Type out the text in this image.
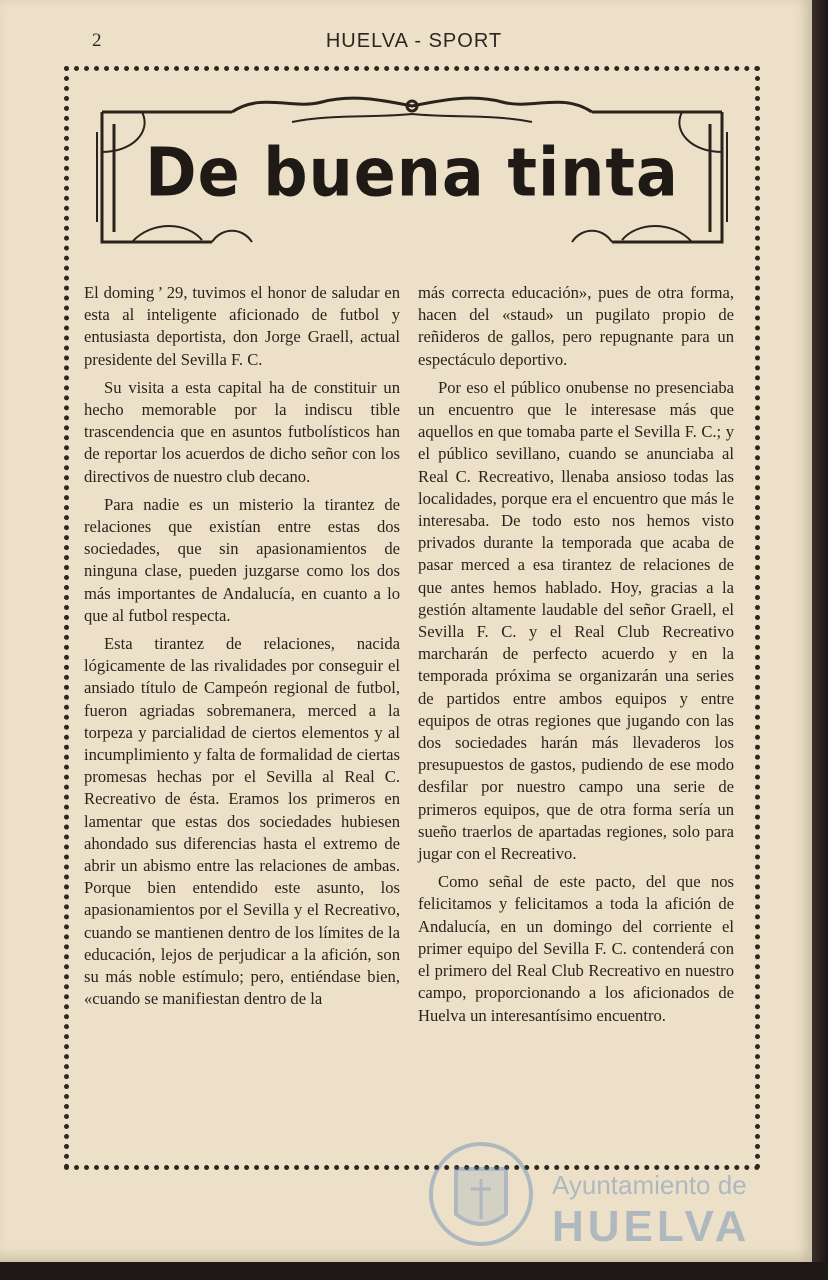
2	HUELVA - SPORT
De buena tinta

El doming ’ 29, tuvimos el honor de saludar en esta al inteligente aficionado de futbol y entusiasta deportista, don Jorge Graell, actual presidente del Sevilla F. C.

Su visita a esta capital ha de constituir un hecho memorable por la indiscu tible trascendencia que en asuntos futbolísticos han de reportar los acuerdos de dicho señor con los directivos de nuestro club decano.

Para nadie es un misterio la tirantez de relaciones que existían entre estas dos sociedades, que sin apasionamientos de ninguna clase, pueden juzgarse como los dos más importantes de Andalucía, en cuanto a lo que al futbol respecta.

Esta tirantez de relaciones, nacida lógicamente de las rivalidades por conseguir el ansiado título de Campeón regional de futbol, fueron agriadas sobremanera, merced a la torpeza y parcialidad de ciertos elementos y al incumplimiento y falta de formalidad de ciertas promesas hechas por el Sevilla al Real C. Recreativo de ésta. Eramos los primeros en lamentar que estas dos sociedades hubiesen ahondado sus diferencias hasta el extremo de abrir un abismo entre las relaciones de ambas. Porque bien entendido este asunto, los apasionamientos por el Sevilla y el Recreativo, cuando se mantienen dentro de los límites de la educación, lejos de perjudicar a la afición, son su más noble estímulo; pero, entiéndase bien, «cuando se manifiestan dentro de la

más correcta educación», pues de otra forma, hacen del «staud» un pugilato propio de reñideros de gallos, pero repugnante para un espectáculo deportivo.

Por eso el público onubense no presenciaba un encuentro que le interesase más que aquellos en que tomaba parte el Sevilla F. C.; y el público sevillano, cuando se anunciaba al Real C. Recreativo, llenaba ansioso todas las localidades, porque era el encuentro que más le interesaba. De todo esto nos hemos visto privados durante la temporada que acaba de pasar merced a esa tirantez de relaciones de que antes hemos hablado. Hoy, gracias a la gestión altamente laudable del señor Graell, el Sevilla F. C. y el Real Club Recreativo marcharán de perfecto acuerdo y en la temporada próxima se organizarán una series de partidos entre ambos equipos y entre equipos de otras regiones que jugando con las dos sociedades harán más llevaderos los presupuestos de gastos, pudiendo de ese modo desfilar por nuestro campo una serie de primeros equipos, que de otra forma sería un sueño traerlos de apartadas regiones, solo para jugar con el Recreativo.

Como señal de este pacto, del que nos felicitamos y felicitamos a toda la afición de Andalucía, en un domingo del corriente el primer equipo del Sevilla F. C. contenderá con el primero del Real Club Recreativo en nuestro campo, proporcionando a los aficionados de Huelva un interesantísimo encuentro.

Ayuntamiento de
HUELVA
